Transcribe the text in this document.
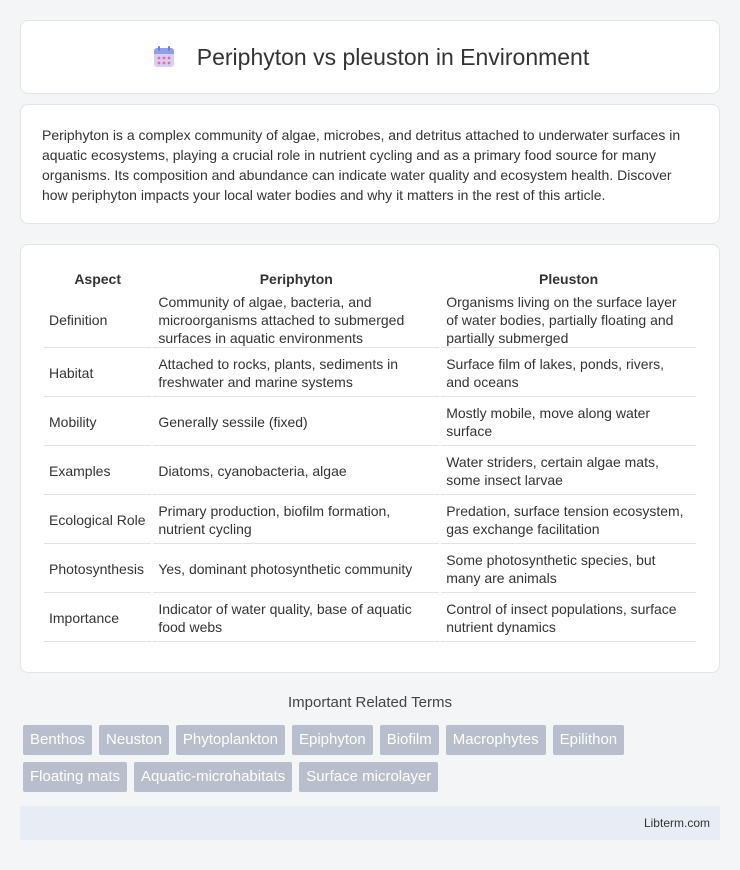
Periphyton vs pleuston in Environment

Periphyton is a complex community of algae, microbes, and detritus attached to underwater surfaces in aquatic ecosystems, playing a crucial role in nutrient cycling and as a primary food source for many organisms. Its composition and abundance can indicate water quality and ecosystem health. Discover how periphyton impacts your local water bodies and why it matters in the rest of this article.

Aspect	Periphyton	Pleuston
Definition	Community of algae, bacteria, and microorganisms attached to submerged surfaces in aquatic environments	Organisms living on the surface layer of water bodies, partially floating and partially submerged
Habitat	Attached to rocks, plants, sediments in freshwater and marine systems	Surface film of lakes, ponds, rivers, and oceans
Mobility	Generally sessile (fixed)	Mostly mobile, move along water surface
Examples	Diatoms, cyanobacteria, algae	Water striders, certain algae mats, some insect larvae
Ecological Role	Primary production, biofilm formation, nutrient cycling	Predation, surface tension ecosystem, gas exchange facilitation
Photosynthesis	Yes, dominant photosynthetic community	Some photosynthetic species, but many are animals
Importance	Indicator of water quality, base of aquatic food webs	Control of insect populations, surface nutrient dynamics
Important Related Terms
Benthos	Neuston	Phytoplankton	Epiphyton	Biofilm	Macrophytes	Epilithon
Floating mats	Aquatic-microhabitats	Surface microlayer
Libterm.com
